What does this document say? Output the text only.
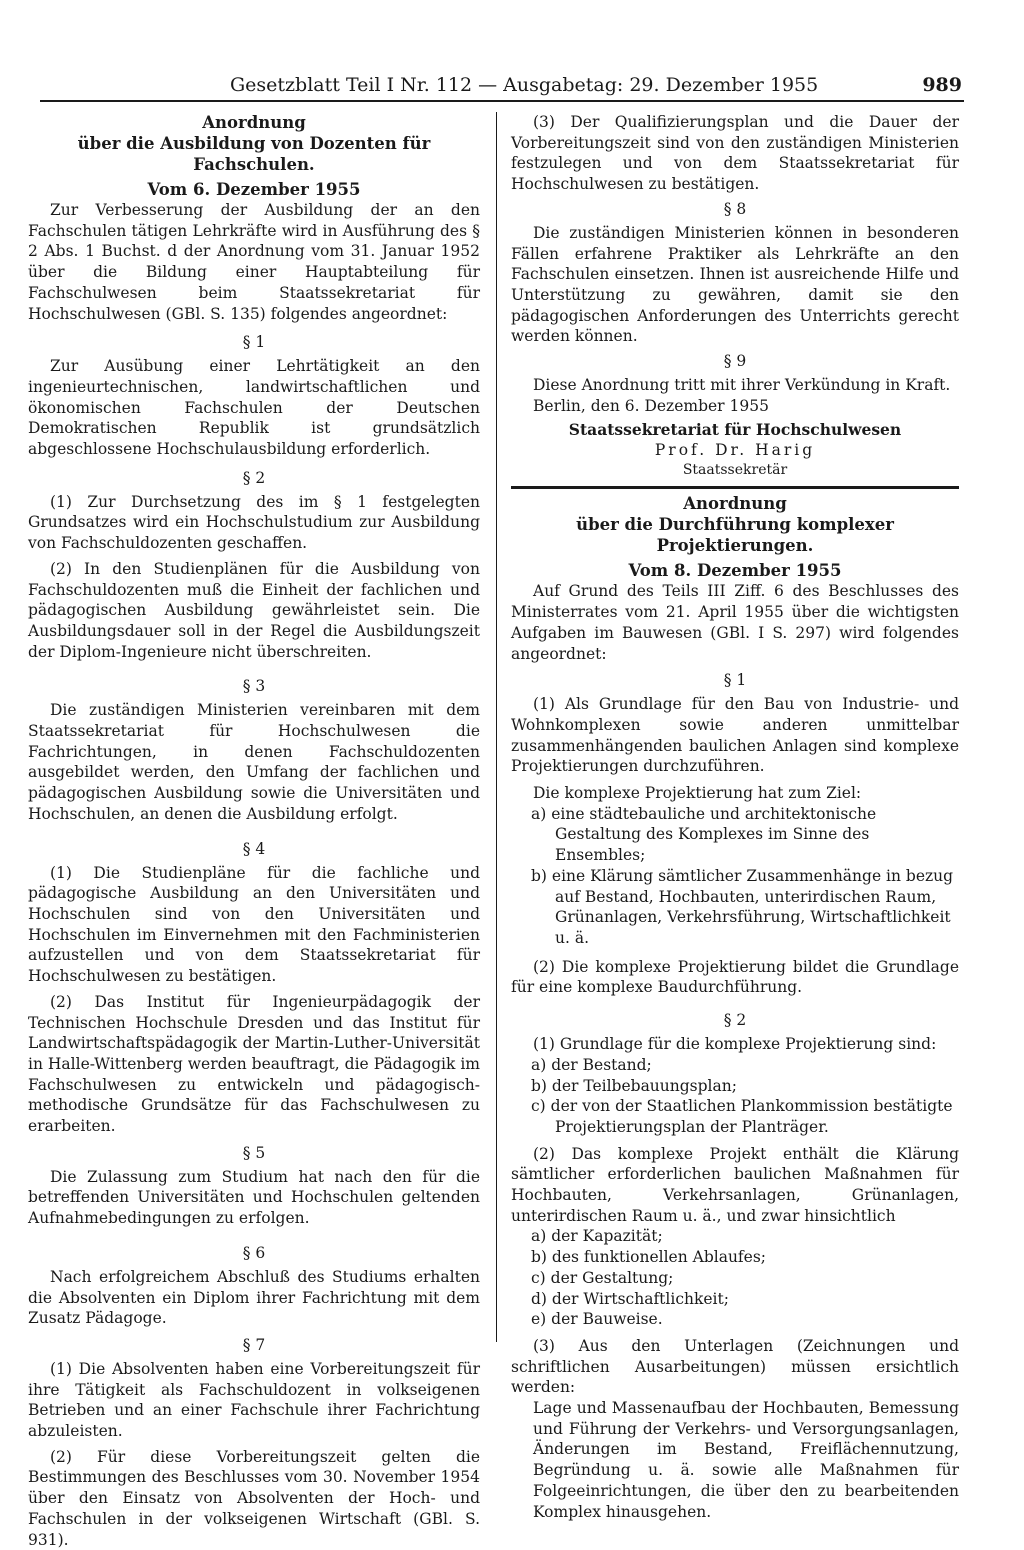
Gesetzblatt Teil I Nr. 112 — Ausgabetag: 29. Dezember 1955	989
Anordnung
über die Ausbildung von Dozenten für Fachschulen.
Vom 6. Dezember 1955

Zur Verbesserung der Ausbildung der an den Fachschulen tätigen Lehrkräfte wird in Ausführung des § 2 Abs. 1 Buchst. d der Anordnung vom 31. Januar 1952 über die Bildung einer Hauptabteilung für Fachschulwesen beim Staatssekretariat für Hochschulwesen (GBl. S. 135) folgendes angeordnet:

§ 1

Zur Ausübung einer Lehrtätigkeit an den ingenieurtechnischen, landwirtschaftlichen und ökonomischen Fachschulen der Deutschen Demokratischen Republik ist grundsätzlich abgeschlossene Hochschulausbildung erforderlich.

§ 2

(1) Zur Durchsetzung des im § 1 festgelegten Grundsatzes wird ein Hochschulstudium zur Ausbildung von Fachschuldozenten geschaffen.

(2) In den Studienplänen für die Ausbildung von Fachschuldozenten muß die Einheit der fachlichen und pädagogischen Ausbildung gewährleistet sein. Die Ausbildungsdauer soll in der Regel die Ausbildungszeit der Diplom-Ingenieure nicht überschreiten.

§ 3

Die zuständigen Ministerien vereinbaren mit dem Staatssekretariat für Hochschulwesen die Fachrichtungen, in denen Fachschuldozenten ausgebildet werden, den Umfang der fachlichen und pädagogischen Ausbildung sowie die Universitäten und Hochschulen, an denen die Ausbildung erfolgt.

§ 4

(1) Die Studienpläne für die fachliche und pädagogische Ausbildung an den Universitäten und Hochschulen sind von den Universitäten und Hochschulen im Einvernehmen mit den Fachministerien aufzustellen und von dem Staatssekretariat für Hochschulwesen zu bestätigen.

(2) Das Institut für Ingenieurpädagogik der Technischen Hochschule Dresden und das Institut für Landwirtschaftspädagogik der Martin-Luther-Universität in Halle-Wittenberg werden beauftragt, die Pädagogik im Fachschulwesen zu entwickeln und pädagogisch-methodische Grundsätze für das Fachschulwesen zu erarbeiten.

§ 5

Die Zulassung zum Studium hat nach den für die betreffenden Universitäten und Hochschulen geltenden Aufnahmebedingungen zu erfolgen.

§ 6

Nach erfolgreichem Abschluß des Studiums erhalten die Absolventen ein Diplom ihrer Fachrichtung mit dem Zusatz Pädagoge.

§ 7

(1) Die Absolventen haben eine Vorbereitungszeit für ihre Tätigkeit als Fachschuldozent in volkseigenen Betrieben und an einer Fachschule ihrer Fachrichtung abzuleisten.

(2) Für diese Vorbereitungszeit gelten die Bestimmungen des Beschlusses vom 30. November 1954 über den Einsatz von Absolventen der Hoch- und Fachschulen in der volkseigenen Wirtschaft (GBl. S. 931).

(3) Der Qualifizierungsplan und die Dauer der Vorbereitungszeit sind von den zuständigen Ministerien festzulegen und von dem Staatssekretariat für Hochschulwesen zu bestätigen.

§ 8

Die zuständigen Ministerien können in besonderen Fällen erfahrene Praktiker als Lehrkräfte an den Fachschulen einsetzen. Ihnen ist ausreichende Hilfe und Unterstützung zu gewähren, damit sie den pädagogischen Anforderungen des Unterrichts gerecht werden können.

§ 9

Diese Anordnung tritt mit ihrer Verkündung in Kraft.

Berlin, den 6. Dezember 1955

Staatssekretariat für Hochschulwesen
Prof. Dr. Harig
Staatssekretär
Anordnung
über die Durchführung komplexer Projektierungen.
Vom 8. Dezember 1955

Auf Grund des Teils III Ziff. 6 des Beschlusses des Ministerrates vom 21. April 1955 über die wichtigsten Aufgaben im Bauwesen (GBl. I S. 297) wird folgendes angeordnet:

§ 1

(1) Als Grundlage für den Bau von Industrie- und Wohnkomplexen sowie anderen unmittelbar zusammenhängenden baulichen Anlagen sind komplexe Projektierungen durchzuführen.

Die komplexe Projektierung hat zum Ziel:

a) eine städtebauliche und architektonische Gestaltung des Komplexes im Sinne des Ensembles;
b) eine Klärung sämtlicher Zusammenhänge in bezug auf Bestand, Hochbauten, unterirdischen Raum, Grünanlagen, Verkehrsführung, Wirtschaftlichkeit u. ä.

(2) Die komplexe Projektierung bildet die Grundlage für eine komplexe Baudurchführung.

§ 2

(1) Grundlage für die komplexe Projektierung sind:

a) der Bestand;
b) der Teilbebauungsplan;
c) der von der Staatlichen Plankommission bestätigte Projektierungsplan der Planträger.

(2) Das komplexe Projekt enthält die Klärung sämtlicher erforderlichen baulichen Maßnahmen für Hochbauten, Verkehrsanlagen, Grünanlagen, unterirdischen Raum u. ä., und zwar hinsichtlich

a) der Kapazität;
b) des funktionellen Ablaufes;
c) der Gestaltung;
d) der Wirtschaftlichkeit;
e) der Bauweise.

(3) Aus den Unterlagen (Zeichnungen und schriftlichen Ausarbeitungen) müssen ersichtlich werden:

Lage und Massenaufbau der Hochbauten, Bemessung und Führung der Verkehrs- und Versorgungsanlagen, Änderungen im Bestand, Freiflächennutzung, Begründung u. ä. sowie alle Maßnahmen für Folgeeinrichtungen, die über den zu bearbeitenden Komplex hinausgehen.
